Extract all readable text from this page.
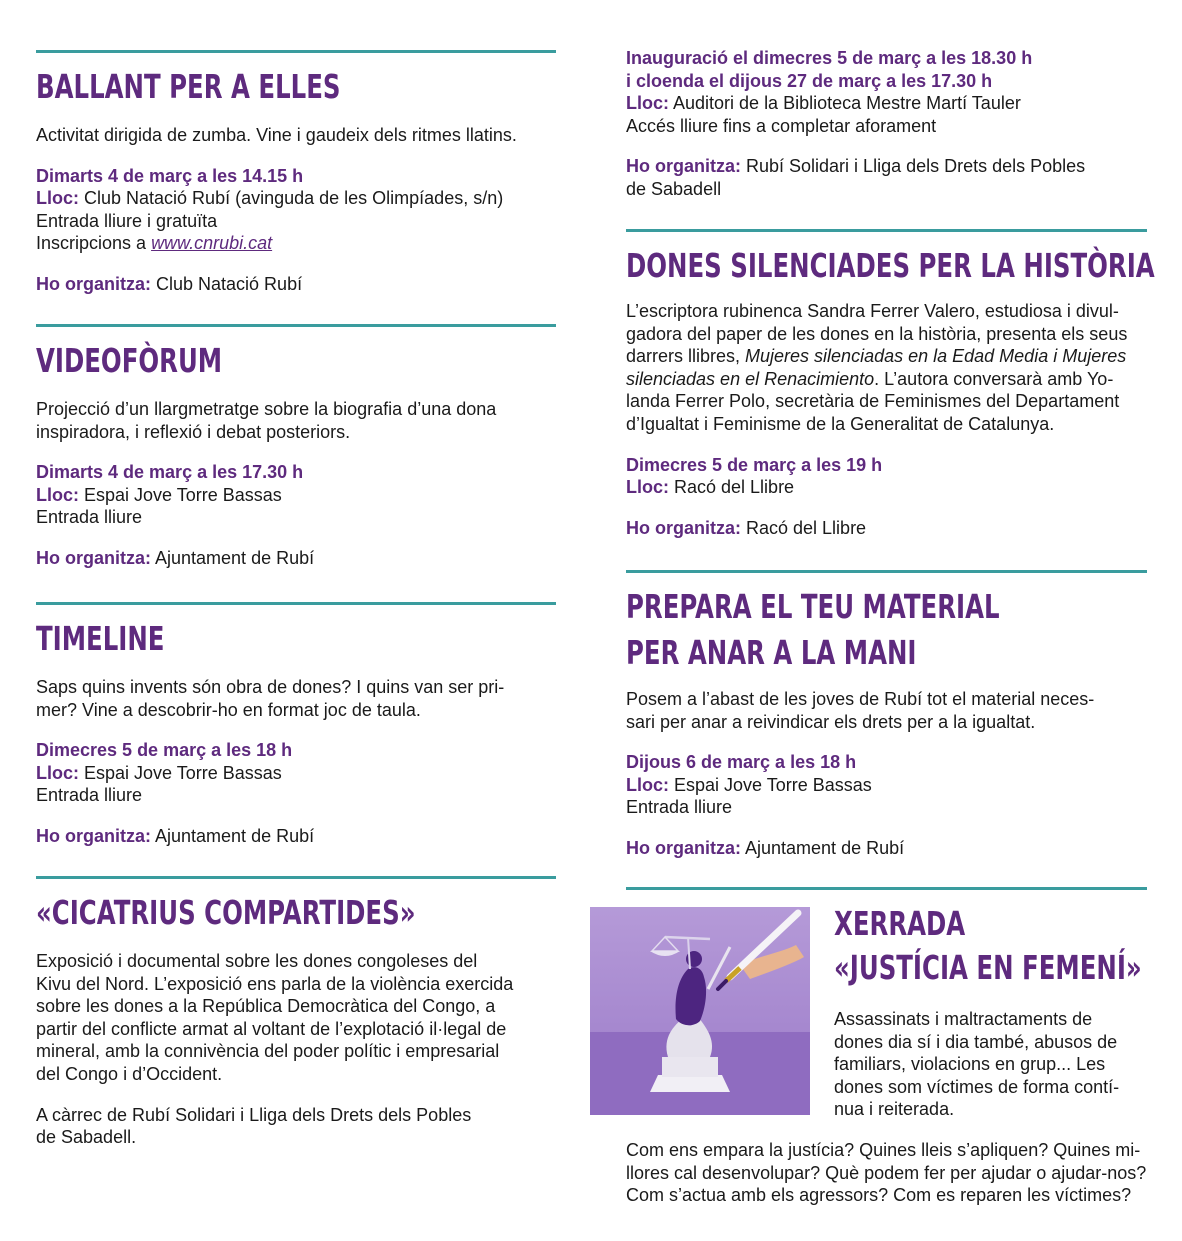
BALLANT PER A ELLES

Activitat dirigida de zumba. Vine i gaudeix dels ritmes llatins.

Dimarts 4 de març a les 14.15 h

Lloc: Club Natació Rubí (avinguda de les Olimpíades, s/n)

Entrada lliure i gratuïta

Inscripcions a www.cnrubi.cat

Ho organitza: Club Natació Rubí

VIDEOFÒRUM

Projecció d’un llargmetratge sobre la biografia d’una dona

inspiradora, i reflexió i debat posteriors.

Dimarts 4 de març a les 17.30 h

Lloc: Espai Jove Torre Bassas

Entrada lliure

Ho organitza: Ajuntament de Rubí

TIMELINE

Saps quins invents són obra de dones? I quins van ser pri-

mer? Vine a descobrir-ho en format joc de taula.

Dimecres 5 de març a les 18 h

Lloc: Espai Jove Torre Bassas

Entrada lliure

Ho organitza: Ajuntament de Rubí

«CICATRIUS COMPARTIDES»

Exposició i documental sobre les dones congoleses del

Kivu del Nord. L’exposició ens parla de la violència exercida

sobre les dones a la República Democràtica del Congo, a

partir del conflicte armat al voltant de l’explotació il·legal de

mineral, amb la connivència del poder polític i empresarial

del Congo i d’Occident.

A càrrec de Rubí Solidari i Lliga dels Drets dels Pobles

de Sabadell.

Inauguració el dimecres 5 de març a les 18.30 h

i cloenda el dijous 27 de març a les 17.30 h

Lloc: Auditori de la Biblioteca Mestre Martí Tauler

Accés lliure fins a completar aforament

Ho organitza: Rubí Solidari i Lliga dels Drets dels Pobles

de Sabadell

DONES SILENCIADES PER LA HISTÒRIA

L’escriptora rubinenca Sandra Ferrer Valero, estudiosa i divul-

gadora del paper de les dones en la història, presenta els seus

darrers llibres, Mujeres silenciadas en la Edad Media i Mujeres

silenciadas en el Renacimiento. L’autora conversarà amb Yo-

landa Ferrer Polo, secretària de Feminismes del Departament

d’Igualtat i Feminisme de la Generalitat de Catalunya.

Dimecres 5 de març a les 19 h

Lloc: Racó del Llibre

Ho organitza: Racó del Llibre

PREPARA EL TEU MATERIAL
PER ANAR A LA MANI

Posem a l’abast de les joves de Rubí tot el material neces-

sari per anar a reivindicar els drets per a la igualtat.

Dijous 6 de març a les 18 h

Lloc: Espai Jove Torre Bassas

Entrada lliure

Ho organitza: Ajuntament de Rubí

XERRADA
«JUSTÍCIA EN FEMENÍ»

Assassinats i maltractaments de

dones dia sí i dia també, abusos de

familiars, violacions en grup... Les

dones som víctimes de forma contí-

nua i reiterada.

Com ens empara la justícia? Quines lleis s’apliquen? Quines mi-

llores cal desenvolupar? Què podem fer per ajudar o ajudar-nos?

Com s’actua amb els agressors? Com es reparen les víctimes?
